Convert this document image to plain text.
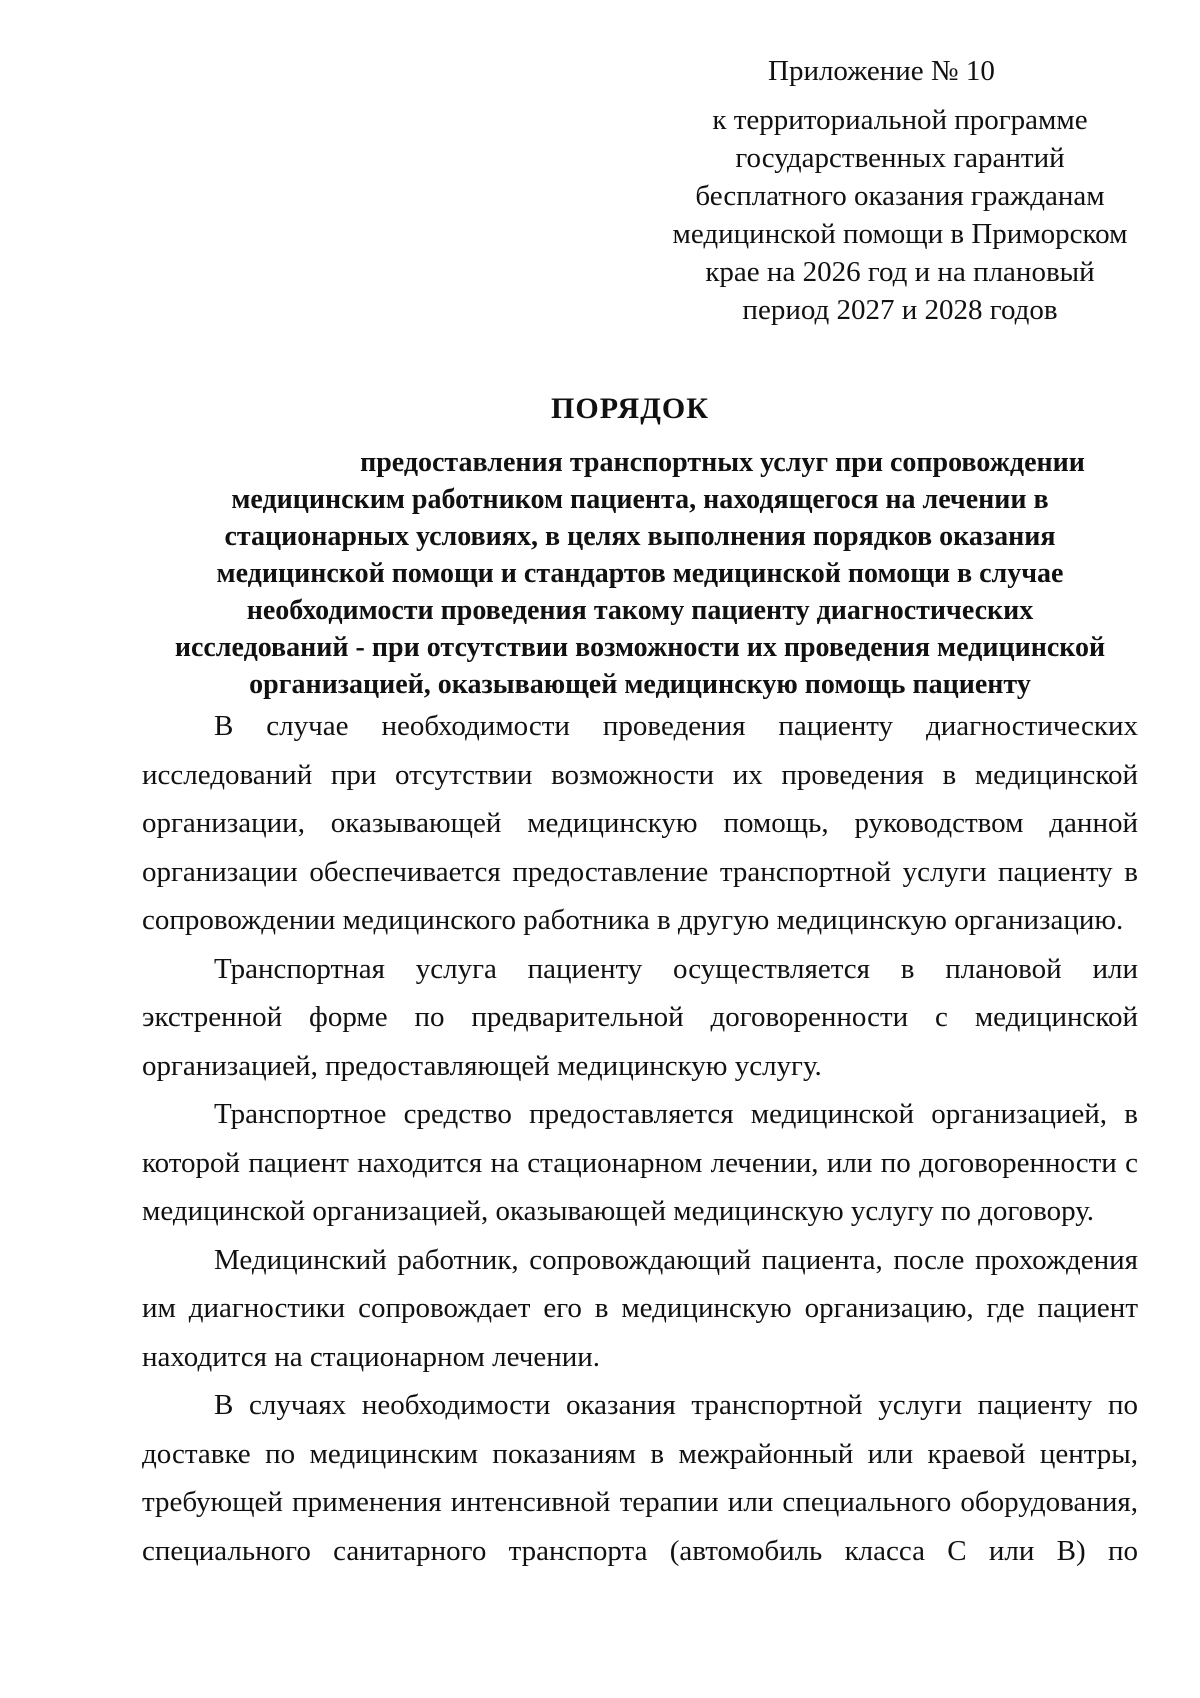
Приложение № 10
к территориальной программе
государственных гарантий
бесплатного оказания гражданам
медицинской помощи в Приморском
крае на 2026 год и на плановый
период 2027 и 2028 годов
ПОРЯДОК
предоставления транспортных услуг при сопровождении
медицинским работником пациента, находящегося на лечении в
стационарных условиях, в целях выполнения порядков оказания
медицинской помощи и стандартов медицинской помощи в случае
необходимости проведения такому пациенту диагностических
исследований - при отсутствии возможности их проведения медицинской
организацией, оказывающей медицинскую помощь пациенту
В случае необходимости проведения пациенту диагностических
исследований при отсутствии возможности их проведения в медицинской
организации, оказывающей медицинскую помощь, руководством данной
организации обеспечивается предоставление транспортной услуги пациенту в
сопровождении медицинского работника в другую медицинскую организацию.
Транспортная услуга пациенту осуществляется в плановой или
экстренной форме по предварительной договоренности с медицинской
организацией, предоставляющей медицинскую услугу.
Транспортное средство предоставляется медицинской организацией, в
которой пациент находится на стационарном лечении, или по договоренности с
медицинской организацией, оказывающей медицинскую услугу по договору.
Медицинский работник, сопровождающий пациента, после прохождения
им диагностики сопровождает его в медицинскую организацию, где пациент
находится на стационарном лечении.
В случаях необходимости оказания транспортной услуги пациенту по
доставке по медицинским показаниям в межрайонный или краевой центры,
требующей применения интенсивной терапии или специального оборудования,
специального санитарного транспорта (автомобиль класса С или В) по
